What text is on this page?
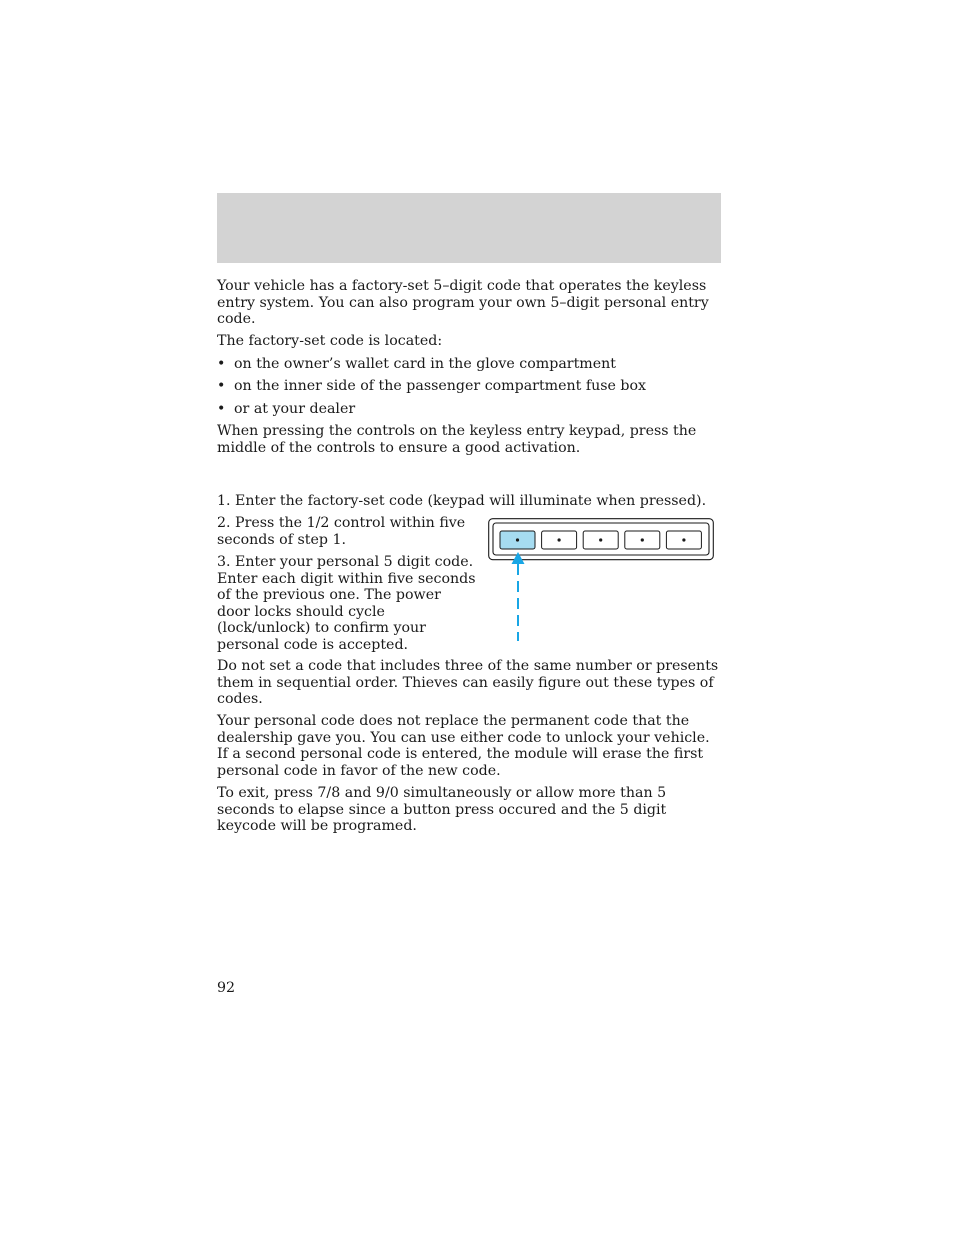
Your vehicle has a factory-set 5–digit code that operates the keyless entry system. You can also program your own 5–digit personal entry code.

The factory-set code is located:

• on the owner’s wallet card in the glove compartment

• on the inner side of the passenger compartment fuse box

• or at your dealer

When pressing the controls on the keyless entry keypad, press the middle of the controls to ensure a good activation.

1. Enter the factory-set code (keypad will illuminate when pressed).

2. Press the 1/2 control within five seconds of step 1.

3. Enter your personal 5 digit code. Enter each digit within five seconds of the previous one. The power door locks should cycle (lock/unlock) to confirm your personal code is accepted.

Do not set a code that includes three of the same number or presents them in sequential order. Thieves can easily figure out these types of codes.

Your personal code does not replace the permanent code that the dealership gave you. You can use either code to unlock your vehicle. If a second personal code is entered, the module will erase the first personal code in favor of the new code.

To exit, press 7/8 and 9/0 simultaneously or allow more than 5 seconds to elapse since a button press occured and the 5 digit keycode will be programed.

92
